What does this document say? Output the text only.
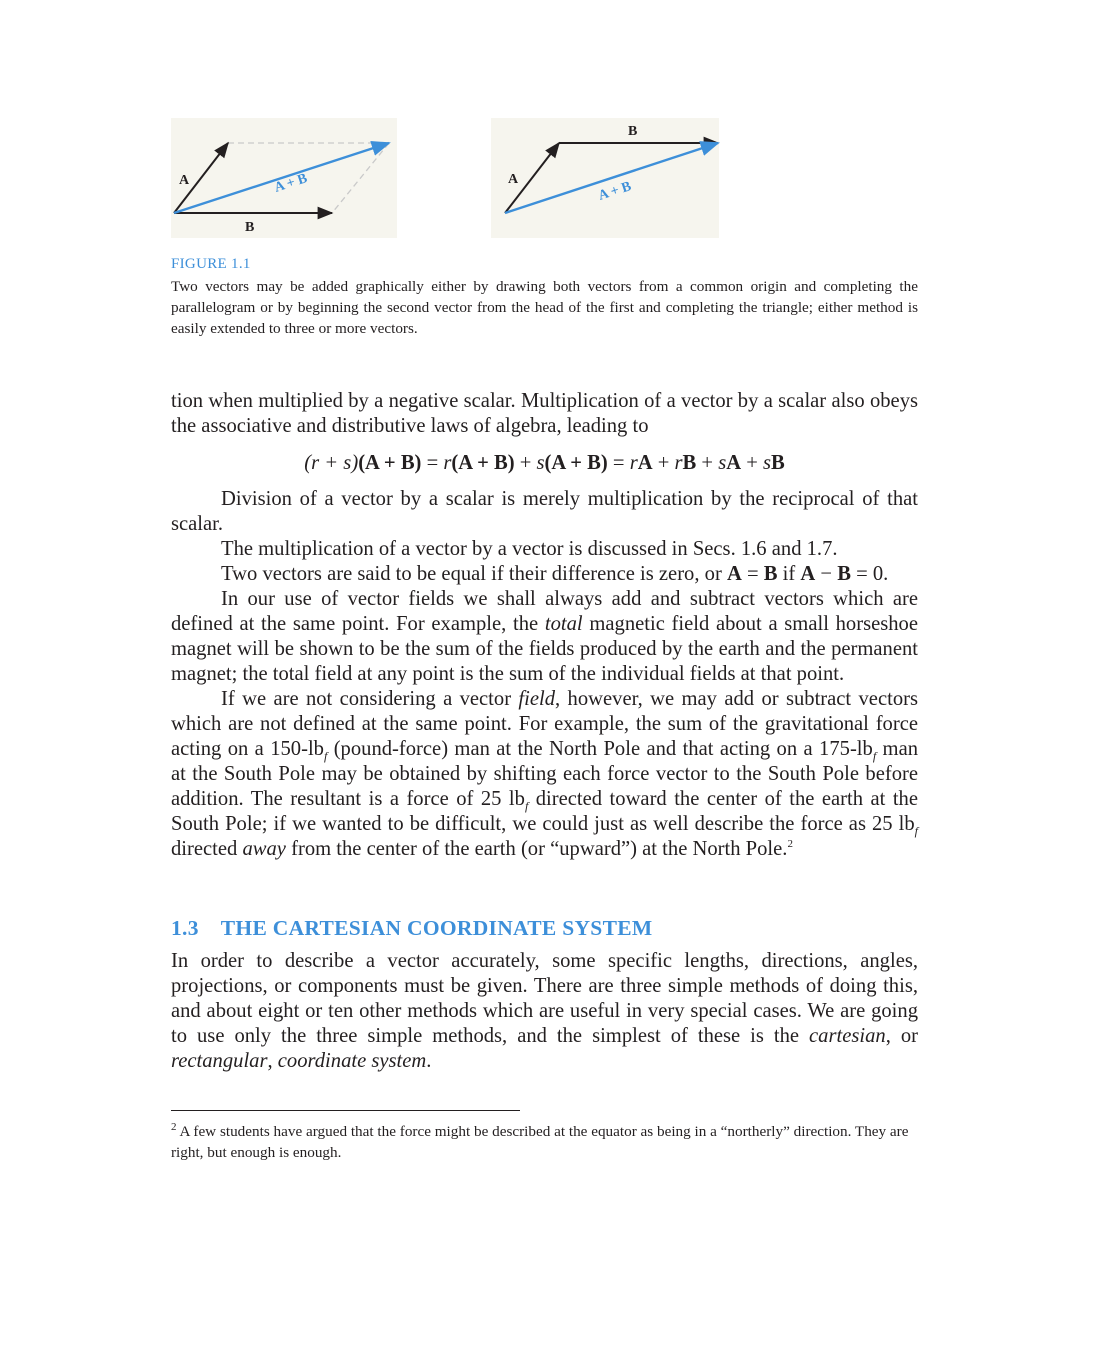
A
B
A + B	A
B
A + B
FIGURE 1.1
Two vectors may be added graphically either by drawing both vectors from a common origin and completing the parallelogram or by beginning the second vector from the head of the first and completing the triangle; either method is easily extended to three or more vectors.

tion when multiplied by a negative scalar. Multiplication of a vector by a scalar also obeys the associative and distributive laws of algebra, leading to

(r + s)(A + B) = r(A + B) + s(A + B) = rA + rB + sA + sB

Division of a vector by a scalar is merely multiplication by the reciprocal of that scalar.

The multiplication of a vector by a vector is discussed in Secs. 1.6 and 1.7.

Two vectors are said to be equal if their difference is zero, or A = B if A − B = 0.

In our use of vector fields we shall always add and subtract vectors which are defined at the same point. For example, the total magnetic field about a small horseshoe magnet will be shown to be the sum of the fields produced by the earth and the permanent magnet; the total field at any point is the sum of the individual fields at that point.

If we are not considering a vector field, however, we may add or subtract vectors which are not defined at the same point. For example, the sum of the gravitational force acting on a $150-lb_f$ (pound-force) man at the North Pole and that acting on a $175-lb_f$ man at the South Pole may be obtained by shifting each force vector to the South Pole before addition. The resultant is a force of 25 $lb_f$ directed toward the center of the earth at the South Pole; if we wanted to be difficult, we could just as well describe the force as 25 $lb_f$ directed away from the center of the earth (or “upward”) at the North Pole.$^2$

1.3 THE CARTESIAN COORDINATE SYSTEM

In order to describe a vector accurately, some specific lengths, directions, angles, projections, or components must be given. There are three simple methods of doing this, and about eight or ten other methods which are useful in very special cases. We are going to use only the three simple methods, and the simplest of these is the cartesian, or rectangular, coordinate system.

$^2$ A few students have argued that the force might be described at the equator as being in a “northerly” direction. They are right, but enough is enough.
